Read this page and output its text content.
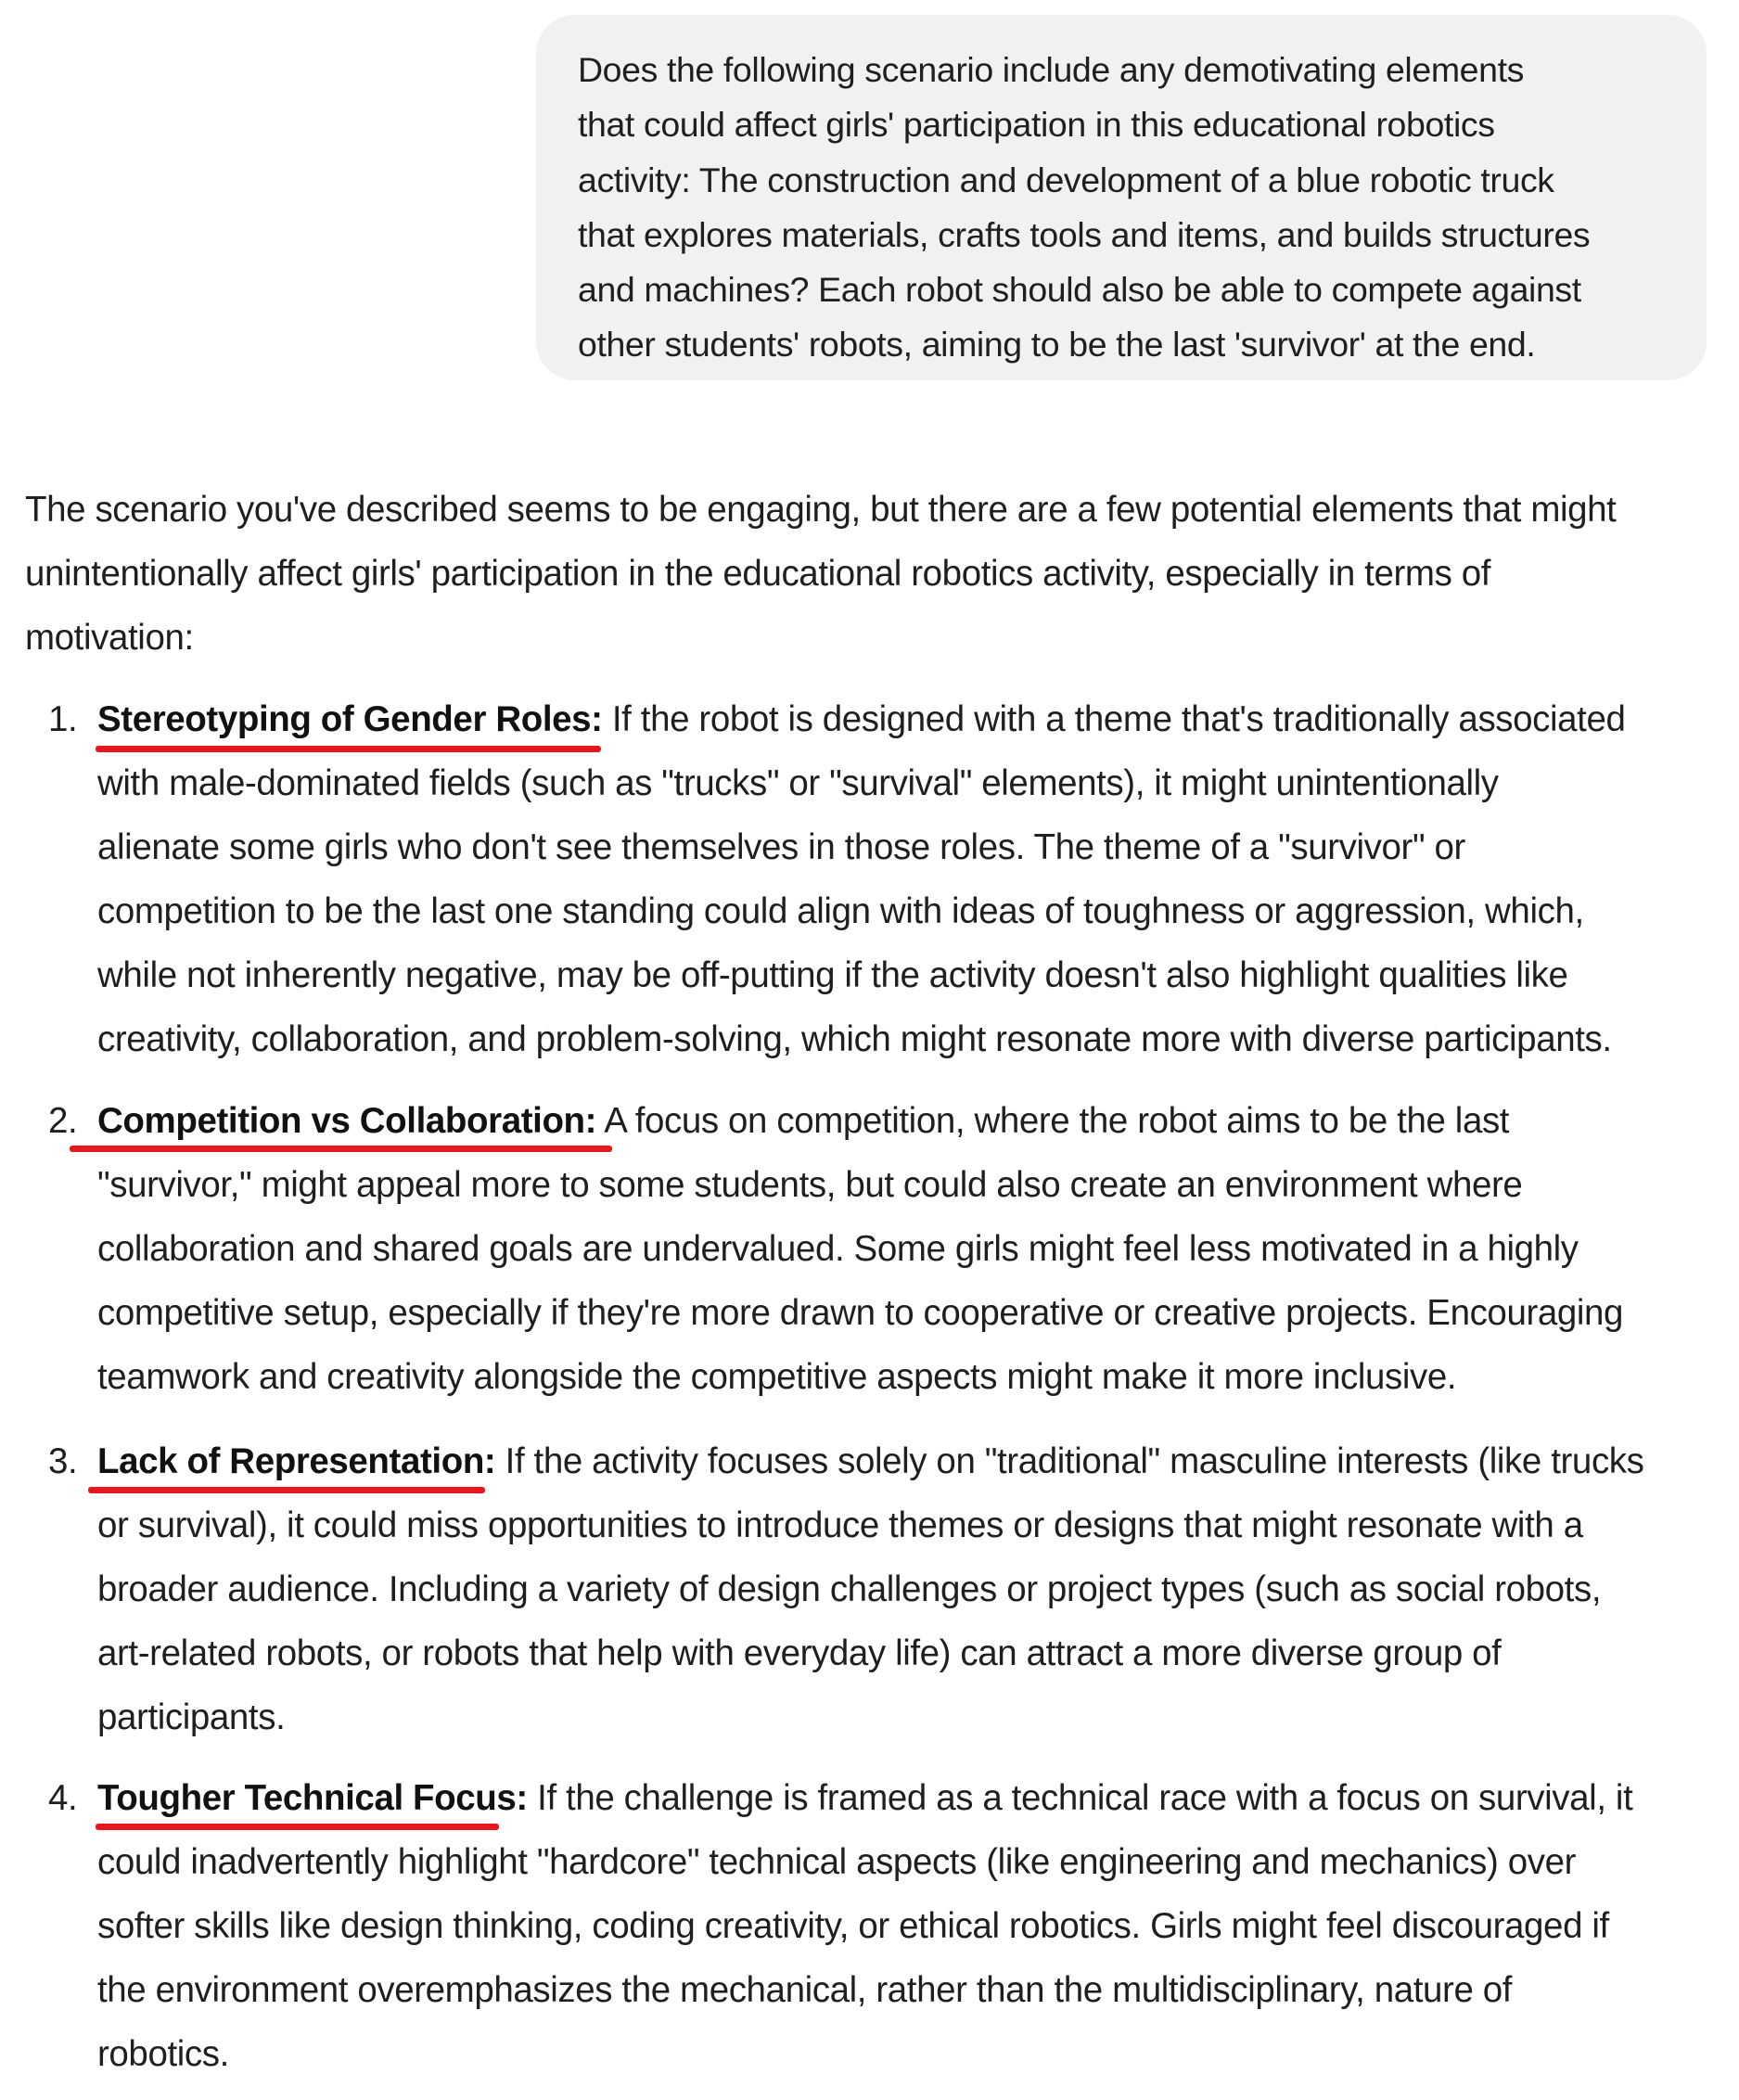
Does the following scenario include any demotivating elements
that could affect girls' participation in this educational robotics
activity: The construction and development of a blue robotic truck
that explores materials, crafts tools and items, and builds structures
and machines? Each robot should also be able to compete against
other students' robots, aiming to be the last 'survivor' at the end.
The scenario you've described seems to be engaging, but there are a few potential elements that might
unintentionally affect girls' participation in the educational robotics activity, especially in terms of
motivation:
1. Stereotyping of Gender Roles: If the robot is designed with a theme that's traditionally associated
with male-dominated fields (such as "trucks" or "survival" elements), it might unintentionally
alienate some girls who don't see themselves in those roles. The theme of a "survivor" or
competition to be the last one standing could align with ideas of toughness or aggression, which,
while not inherently negative, may be off-putting if the activity doesn't also highlight qualities like
creativity, collaboration, and problem-solving, which might resonate more with diverse participants.
2. Competition vs Collaboration: A focus on competition, where the robot aims to be the last
"survivor," might appeal more to some students, but could also create an environment where
collaboration and shared goals are undervalued. Some girls might feel less motivated in a highly
competitive setup, especially if they're more drawn to cooperative or creative projects. Encouraging
teamwork and creativity alongside the competitive aspects might make it more inclusive.
3. Lack of Representation: If the activity focuses solely on "traditional" masculine interests (like trucks
or survival), it could miss opportunities to introduce themes or designs that might resonate with a
broader audience. Including a variety of design challenges or project types (such as social robots,
art-related robots, or robots that help with everyday life) can attract a more diverse group of
participants.
4. Tougher Technical Focus: If the challenge is framed as a technical race with a focus on survival, it
could inadvertently highlight "hardcore" technical aspects (like engineering and mechanics) over
softer skills like design thinking, coding creativity, or ethical robotics. Girls might feel discouraged if
the environment overemphasizes the mechanical, rather than the multidisciplinary, nature of
robotics.
